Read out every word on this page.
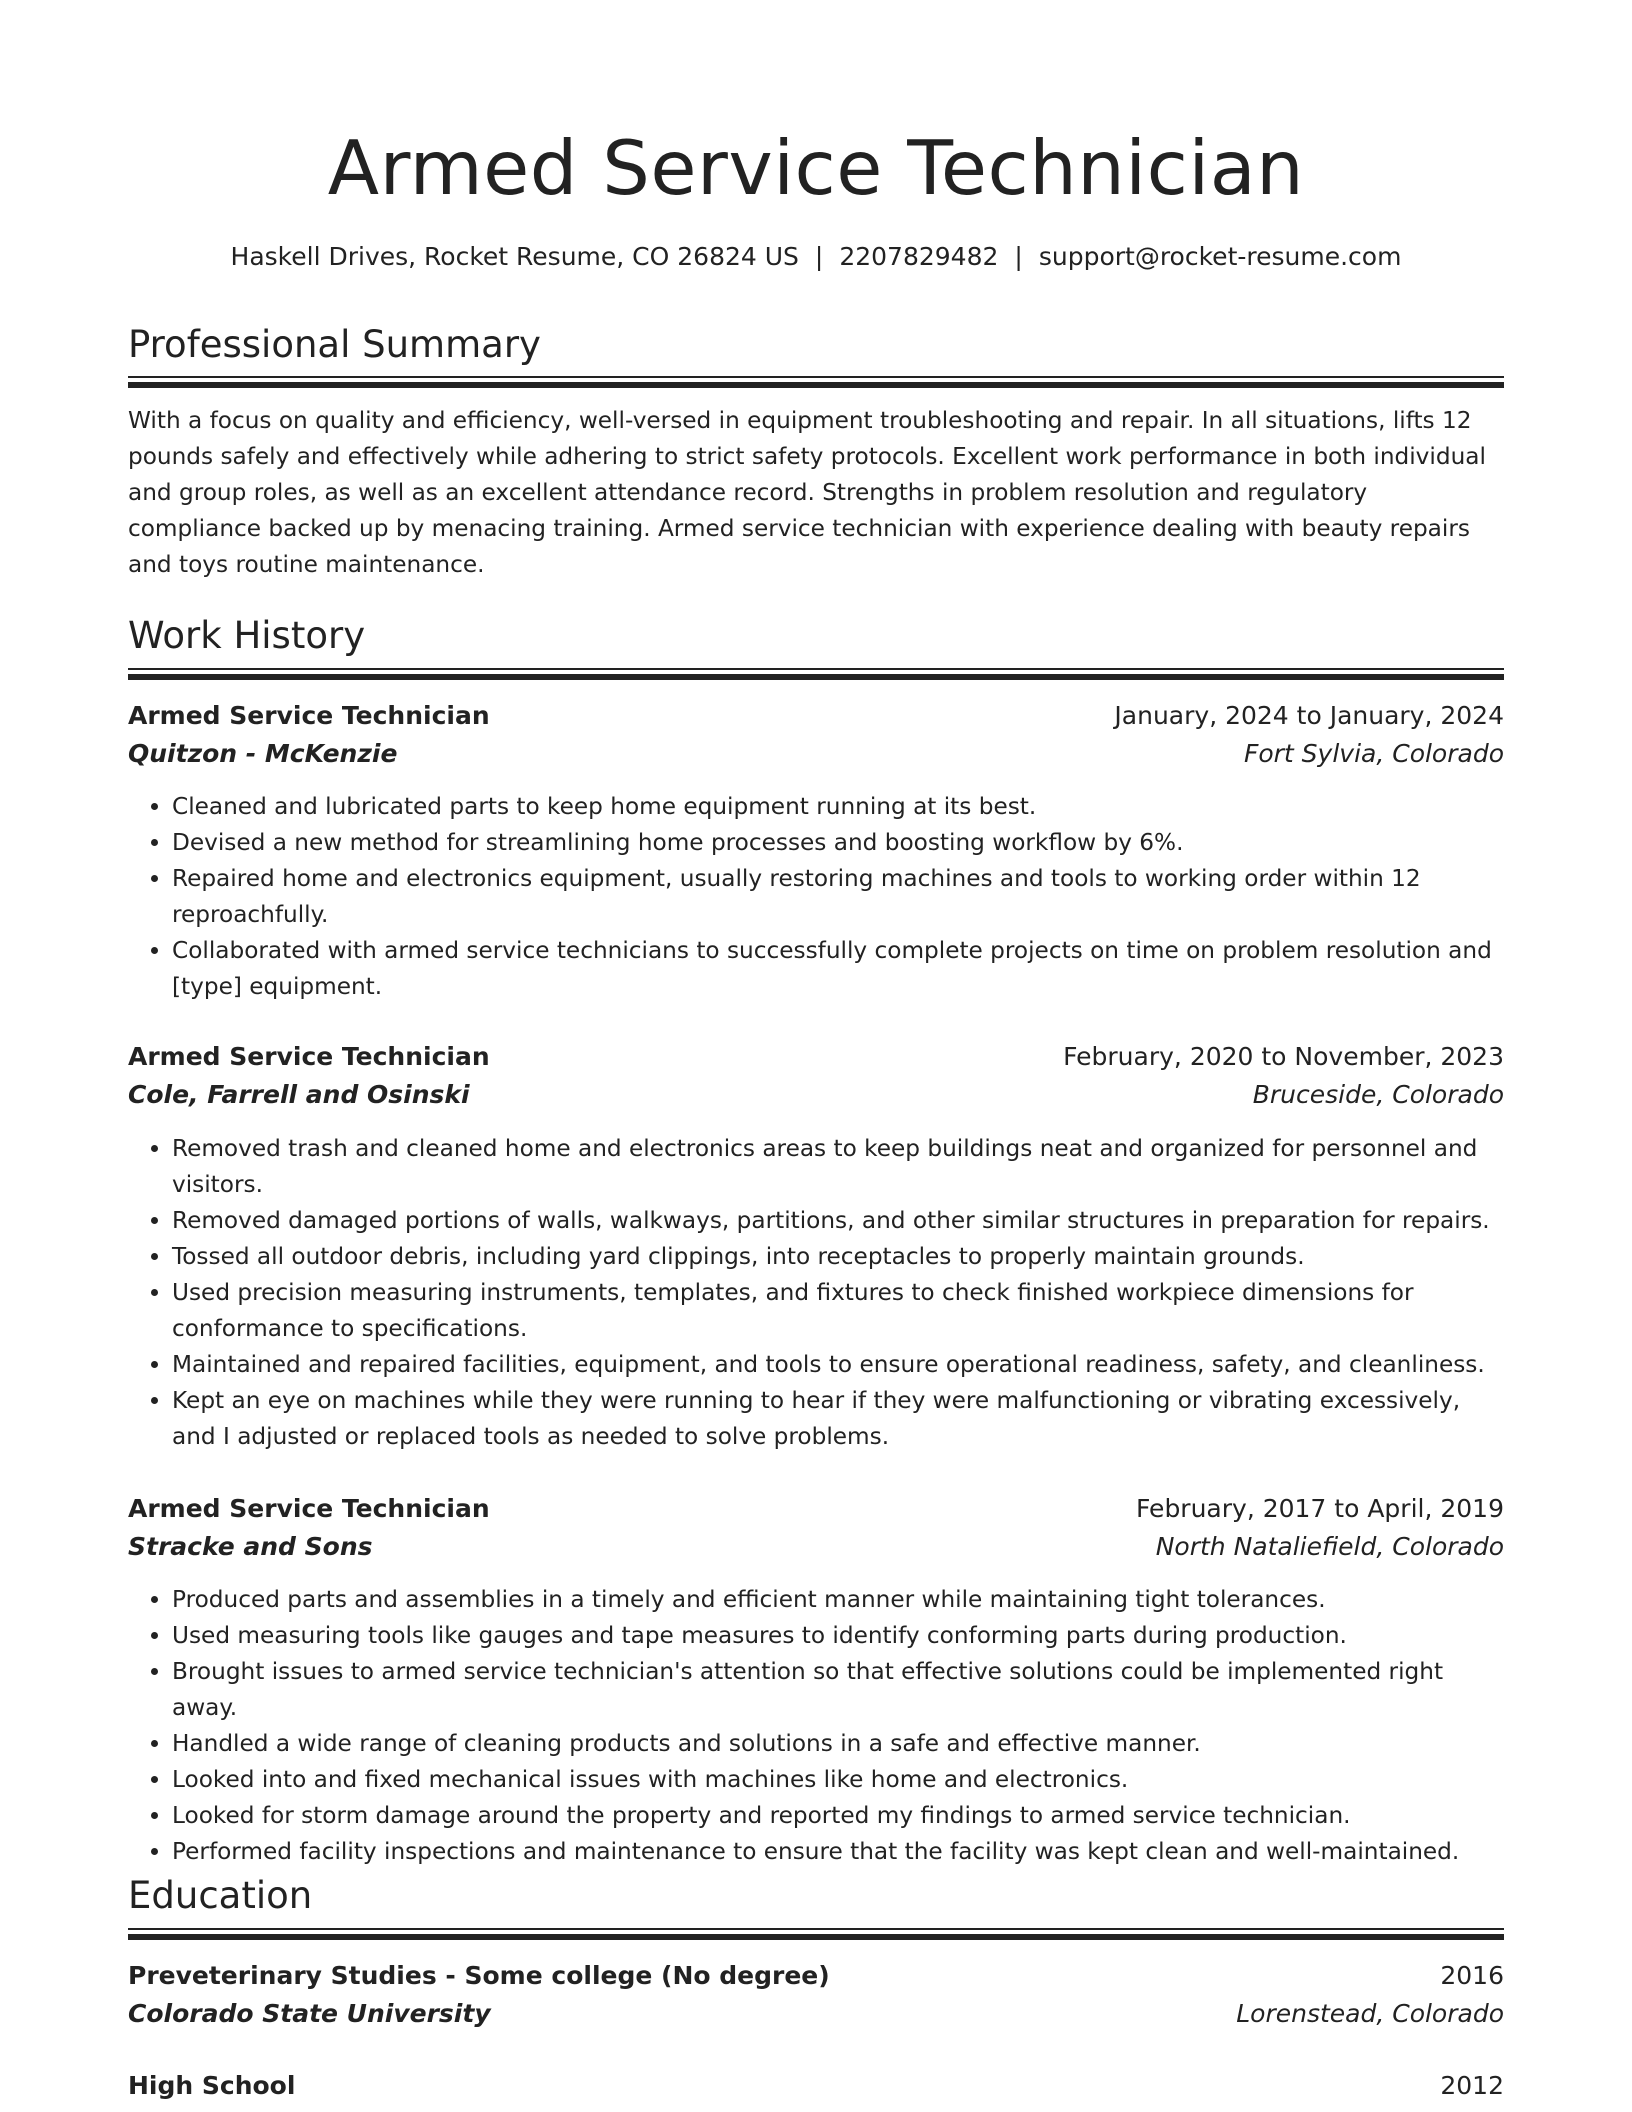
Armed Service Technician
Haskell Drives, Rocket Resume, CO 26824 US | 2207829482 | support@rocket-resume.com
Professional Summary
With a focus on quality and efficiency, well-versed in equipment troubleshooting and repair. In all situations, lifts 12 pounds safely and effectively while adhering to strict safety protocols. Excellent work performance in both individual and group roles, as well as an excellent attendance record. Strengths in problem resolution and regulatory compliance backed up by menacing training. Armed service technician with experience dealing with beauty repairs and toys routine maintenance.
Work History
Armed Service Technician	January, 2024 to January, 2024
Quitzon - McKenzie	Fort Sylvia, Colorado
• Cleaned and lubricated parts to keep home equipment running at its best.
• Devised a new method for streamlining home processes and boosting workflow by 6%.
• Repaired home and electronics equipment, usually restoring machines and tools to working order within 12 reproachfully.
• Collaborated with armed service technicians to successfully complete projects on time on problem resolution and [type] equipment.
Armed Service Technician	February, 2020 to November, 2023
Cole, Farrell and Osinski	Bruceside, Colorado
• Removed trash and cleaned home and electronics areas to keep buildings neat and organized for personnel and visitors.
• Removed damaged portions of walls, walkways, partitions, and other similar structures in preparation for repairs.
• Tossed all outdoor debris, including yard clippings, into receptacles to properly maintain grounds.
• Used precision measuring instruments, templates, and fixtures to check finished workpiece dimensions for conformance to specifications.
• Maintained and repaired facilities, equipment, and tools to ensure operational readiness, safety, and cleanliness.
• Kept an eye on machines while they were running to hear if they were malfunctioning or vibrating excessively, and I adjusted or replaced tools as needed to solve problems.
Armed Service Technician	February, 2017 to April, 2019
Stracke and Sons	North Nataliefield, Colorado
• Produced parts and assemblies in a timely and efficient manner while maintaining tight tolerances.
• Used measuring tools like gauges and tape measures to identify conforming parts during production.
• Brought issues to armed service technician's attention so that effective solutions could be implemented right away.
• Handled a wide range of cleaning products and solutions in a safe and effective manner.
• Looked into and fixed mechanical issues with machines like home and electronics.
• Looked for storm damage around the property and reported my findings to armed service technician.
• Performed facility inspections and maintenance to ensure that the facility was kept clean and well-maintained.
Education
Preveterinary Studies - Some college (No degree)	2016
Colorado State University	Lorenstead, Colorado
High School	2012
